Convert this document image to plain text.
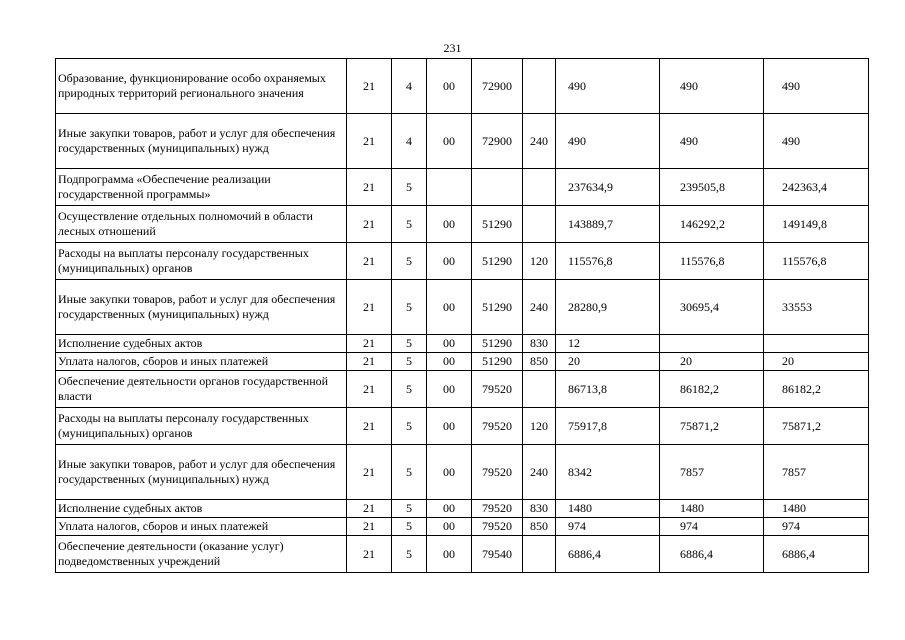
231
Образование, функционирование особо охраняемых природных территорий регионального значения	21	4	00	72900		490	490	490
Иные закупки товаров, работ и услуг для обеспечения государственных (муниципальных) нужд	21	4	00	72900	240	490	490	490
Подпрограмма «Обеспечение реализации государственной программы»	21	5				237634,9	239505,8	242363,4
Осуществление отдельных полномочий в области лесных отношений	21	5	00	51290		143889,7	146292,2	149149,8
Расходы на выплаты персоналу государственных (муниципальных) органов	21	5	00	51290	120	115576,8	115576,8	115576,8
Иные закупки товаров, работ и услуг для обеспечения государственных (муниципальных) нужд	21	5	00	51290	240	28280,9	30695,4	33553
Исполнение судебных актов	21	5	00	51290	830	12		
Уплата налогов, сборов и иных платежей	21	5	00	51290	850	20	20	20
Обеспечение деятельности органов государственной власти	21	5	00	79520		86713,8	86182,2	86182,2
Расходы на выплаты персоналу государственных (муниципальных) органов	21	5	00	79520	120	75917,8	75871,2	75871,2
Иные закупки товаров, работ и услуг для обеспечения государственных (муниципальных) нужд	21	5	00	79520	240	8342	7857	7857
Исполнение судебных актов	21	5	00	79520	830	1480	1480	1480
Уплата налогов, сборов и иных платежей	21	5	00	79520	850	974	974	974
Обеспечение деятельности (оказание услуг) подведомственных учреждений	21	5	00	79540		6886,4	6886,4	6886,4
